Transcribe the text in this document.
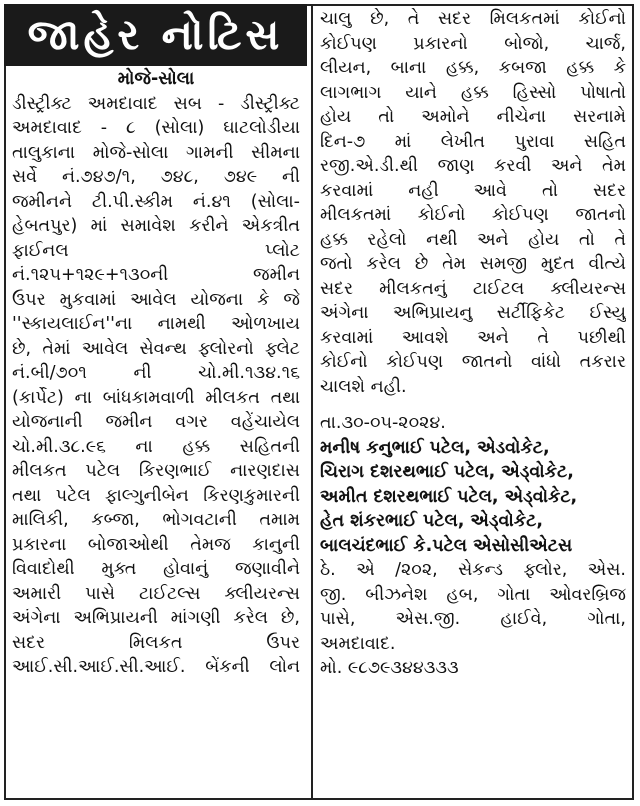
જાહેર નોટિસ
મોજે-સોલા
ડીસ્ટ્રીક્ટ અમદાવાદ સબ - ડીસ્ટ્રીક્ટ
અમદાવાદ - ૮ (સોલા) ઘાટલોડીયા
તાલુકાના મોજે-સોલા ગામની સીમના
સર્વે નં.૭૪૭/૧, ૭૪૮, ૭૪૯ ની
જમીનને ટી.પી.સ્કીમ નં.૪૧ (સોલા-
હેબતપુર) માં સમાવેશ કરીને એકત્રીત
ફાઈનલ પ્લોટ
નં.૧૨૫+૧૨૯+૧૩૦ની જમીન
ઉપર મુકવામાં આવેલ યોજના કે જે
''સ્કાયલાઈન''ના નામથી ઓળખાય
છે, તેમાં આવેલ સેવન્થ ફ્લોરનો ફ્લેટ
નં.બી/૭૦૧ ની ચો.મી.૧૩૪.૧૬
(કાર્પેટ) ના બાંધકામવાળી મીલકત તથા
યોજનાની જમીન વગર વહેંચાયેલ
ચો.મી.૩૮.૯૬ ના હક્ક સહિતની
મીલકત પટેલ કિરણભાઈ નારણદાસ
તથા પટેલ ફાલ્ગુનીબેન કિરણકુમારની
માલિકી, કબ્જા, ભોગવટાની તમામ
પ્રકારના બોજાઓથી તેમજ કાનુની
વિવાદોથી મુક્ત હોવાનું જણાવીને
અમારી પાસે ટાઈટલ્સ ક્લીયરન્સ
અંગેના અભિપ્રાયની માંગણી કરેલ છે,
સદર મિલકત ઉપર
આઈ.સી.આઈ.સી.આઈ. બેંકની લોન
ચાલુ છે, તે સદર મિલકતમાં કોઈનો
કોઈપણ પ્રકારનો બોજો, ચાર્જ,
લીયન, બાના હક્ક, કબજા હક્ક કે
લાગભાગ યાને હક્ક હિસ્સો પોષાતો
હોય તો અમોને નીચેના સરનામે
દિન-૭ માં લેખીત પુરાવા સહિત
રજી.એ.ડી.થી જાણ કરવી અને તેમ
કરવામાં નહી આવે તો સદર
મીલકતમાં કોઈનો કોઈપણ જાતનો
હક્ક રહેલો નથી અને હોય તો તે
જતો કરેલ છે તેમ સમજી મુદત વીત્યે
સદર મીલકતનું ટાઈટલ ક્લીયરન્સ
અંગેના અભિપ્રાયનુ સર્ટીફિકેટ ઈસ્યુ
કરવામાં આવશે અને તે પછીથી
કોઈનો કોઈપણ જાતનો વાંધો તકરાર
ચાલશે નહી.
તા.૩૦-૦૫-૨૦૨૪.
મનીષ કનુભાઈ પટેલ, એડવોકેટ,
ચિરાગ દશરથભાઈ પટેલ, એડ્વોકેટ,
અમીત દશરથભાઈ પટેલ, એડ્વોકેટ,
હેત શંકરભાઈ પટેલ, એડ્વોકેટ,
બાલચંદભાઈ કે.પટેલ એસોસીએટસ
ઠે. એ /૨૦૨, સેકન્ડ ફ્લોર, એસ.
જી. બીઝનેશ હબ, ગોતા ઓવરબ્રિજ
પાસે, એસ.જી. હાઈવે, ગોતા,
અમદાવાદ.
મો. ૯૮૭૯૩૪૪૩૩૩
